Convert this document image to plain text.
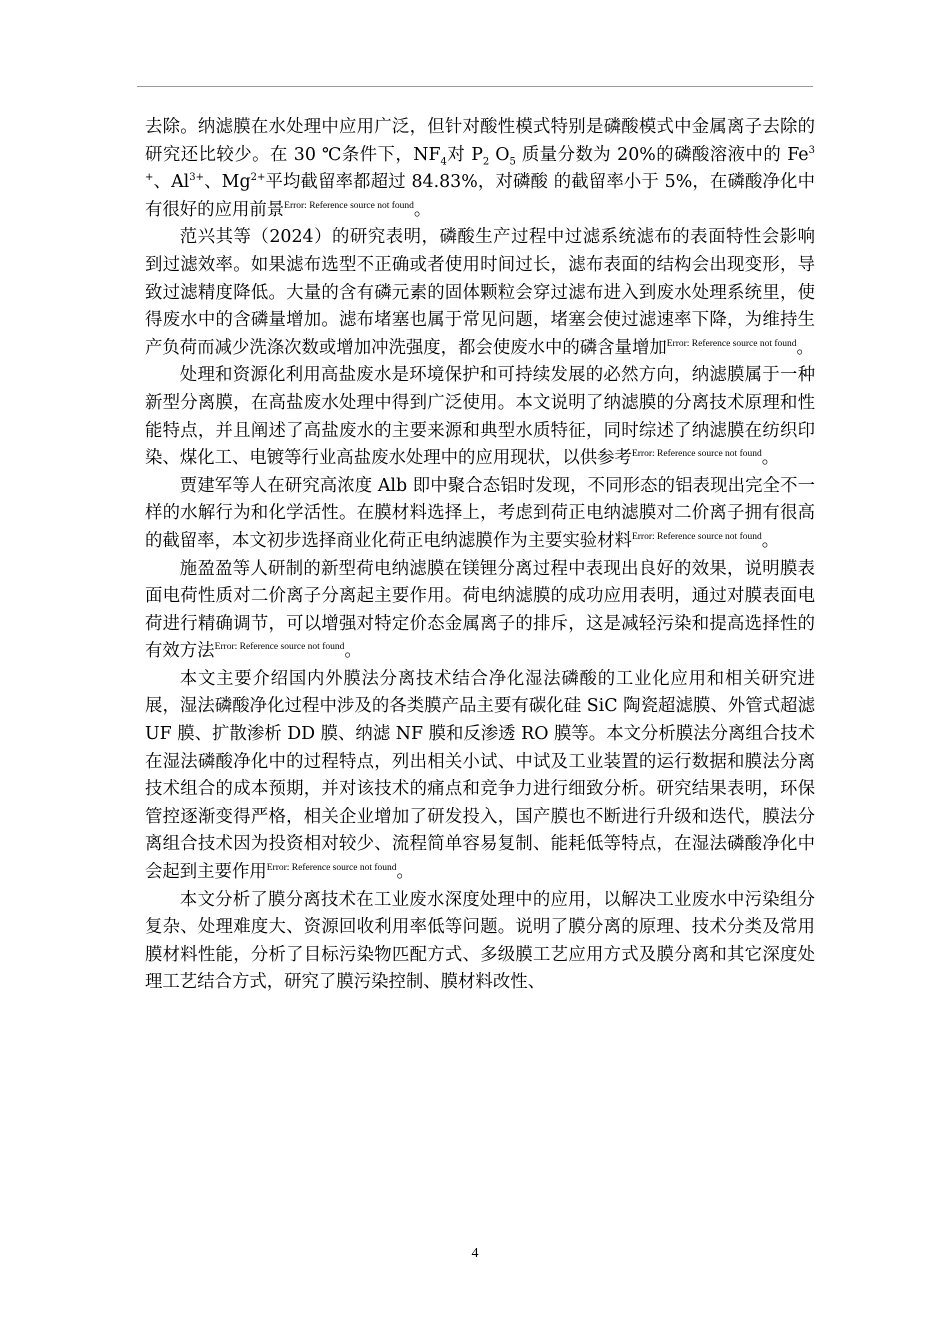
去除。纳滤膜在水处理中应用广泛，但针对酸性模式特别是磷酸模式中金属离子去除的研究还比较少。在 30 ℃条件下，$NF_4$对 $P_2$ $O_5$ 质量分数为 20%的磷酸溶液中的 $Fe^{3+}$、$Al^{3+}$、$Mg^{2+}$平均截留率都超过 84.83%，对磷酸 的截留率小于 5%，在磷酸净化中有很好的应用前景$^{Error: Reference source not found}$。

范兴其等（2024）的研究表明，磷酸生产过程中过滤系统滤布的表面特性会影响到过滤效率。如果滤布选型不正确或者使用时间过长，滤布表面的结构会出现变形，导致过滤精度降低。大量的含有磷元素的固体颗粒会穿过滤布进入到废水处理系统里，使得废水中的含磷量增加。滤布堵塞也属于常见问题，堵塞会使过滤速率下降，为维持生产负荷而减少洗涤次数或增加冲洗强度，都会使废水中的磷含量增加$^{Error: Reference source not found}$。

处理和资源化利用高盐废水是环境保护和可持续发展的必然方向，纳滤膜属于一种新型分离膜，在高盐废水处理中得到广泛使用。本文说明了纳滤膜的分离技术原理和性能特点，并且阐述了高盐废水的主要来源和典型水质特征，同时综述了纳滤膜在纺织印染、煤化工、电镀等行业高盐废水处理中的应用现状，以供参考$^{Error: Reference source not found}$。

贾建军等人在研究高浓度 Alb 即中聚合态铝时发现，不同形态的铝表现出完全不一样的水解行为和化学活性。在膜材料选择上，考虑到荷正电纳滤膜对二价离子拥有很高的截留率，本文初步选择商业化荷正电纳滤膜作为主要实验材料$^{Error: Reference source not found}$。

施盈盈等人研制的新型荷电纳滤膜在镁锂分离过程中表现出良好的效果，说明膜表面电荷性质对二价离子分离起主要作用。荷电纳滤膜的成功应用表明，通过对膜表面电荷进行精确调节，可以增强对特定价态金属离子的排斥，这是减轻污染和提高选择性的有效方法$^{Error: Reference source not found}$。

本文主要介绍国内外膜法分离技术结合净化湿法磷酸的工业化应用和相关研究进展，湿法磷酸净化过程中涉及的各类膜产品主要有碳化硅 SiC 陶瓷超滤膜、外管式超滤 UF 膜、扩散渗析 DD 膜、纳滤 NF 膜和反渗透 RO 膜等。本文分析膜法分离组合技术在湿法磷酸净化中的过程特点，列出相关小试、中试及工业装置的运行数据和膜法分离技术组合的成本预期，并对该技术的痛点和竞争力进行细致分析。研究结果表明，环保管控逐渐变得严格，相关企业增加了研发投入，国产膜也不断进行升级和迭代，膜法分离组合技术因为投资相对较少、流程简单容易复制、能耗低等特点，在湿法磷酸净化中会起到主要作用$^{Error: Reference source not found}$。

本文分析了膜分离技术在工业废水深度处理中的应用，以解决工业废水中污染组分复杂、处理难度大、资源回收利用率低等问题。说明了膜分离的原理、技术分类及常用膜材料性能，分析了目标污染物匹配方式、多级膜工艺应用方式及膜分离和其它深度处理工艺结合方式，研究了膜污染控制、膜材料改性、

4
